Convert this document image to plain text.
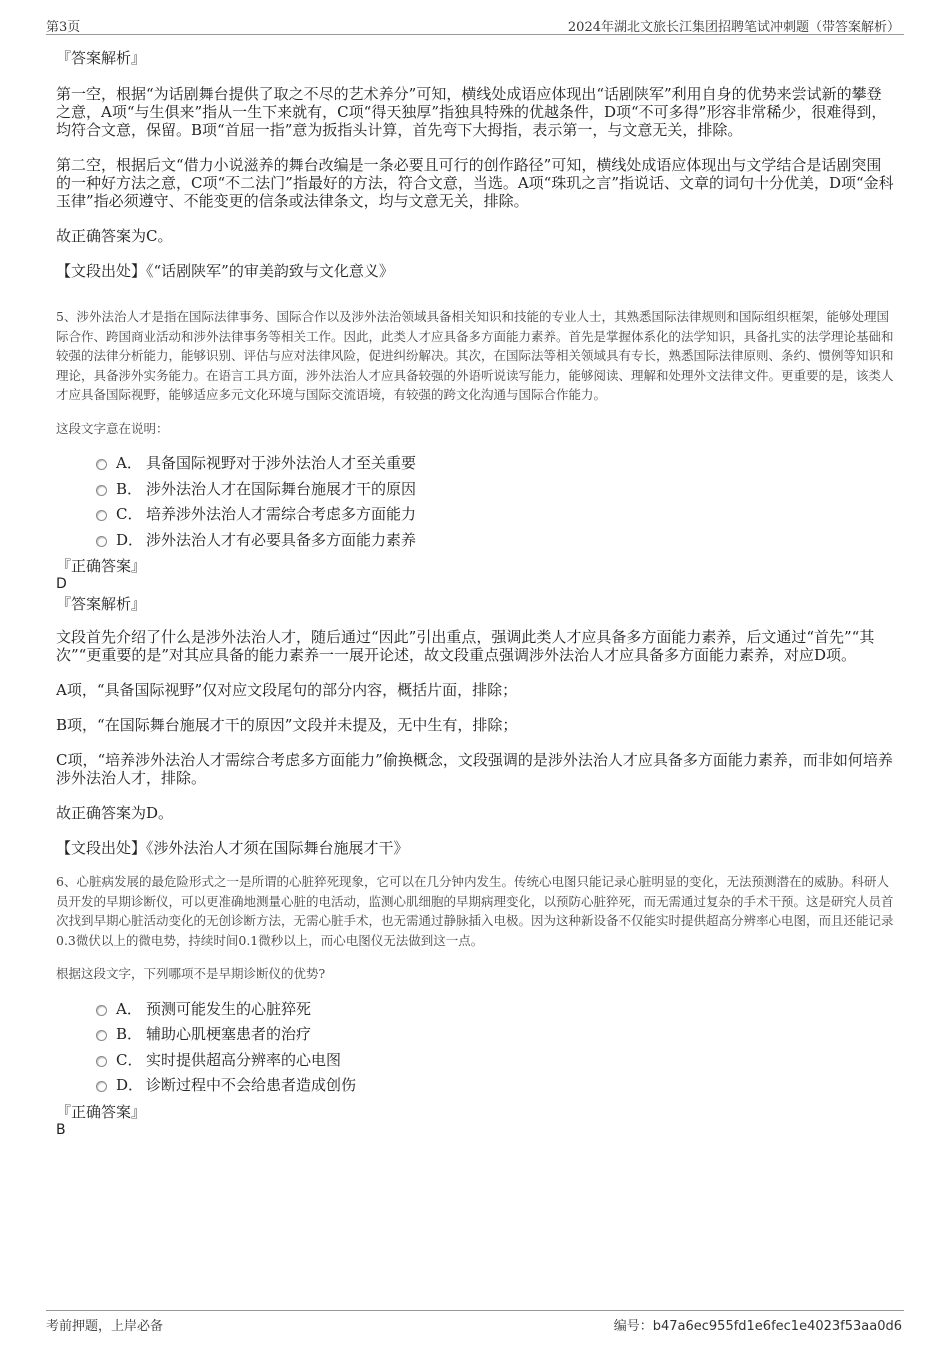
第3页	2024年湖北文旅长江集团招聘笔试冲刺题（带答案解析）

『答案解析』

第一空，根据“为话剧舞台提供了取之不尽的艺术养分”可知，横线处成语应体现出“话剧陕军”利用自身的优势来尝试新的攀登之意，A项“与生俱来”指从一生下来就有，C项“得天独厚”指独具特殊的优越条件，D项“不可多得”形容非常稀少，很难得到，均符合文意，保留。B项“首屈一指”意为扳指头计算，首先弯下大拇指，表示第一，与文意无关，排除。

第二空，根据后文“借力小说滋养的舞台改编是一条必要且可行的创作路径”可知，横线处成语应体现出与文学结合是话剧突围的一种好方法之意，C项“不二法门”指最好的方法，符合文意，当选。A项“珠玑之言”指说话、文章的词句十分优美，D项“金科玉律”指必须遵守、不能变更的信条或法律条文，均与文意无关，排除。

故正确答案为C。

【文段出处】《“话剧陕军”的审美韵致与文化意义》

5、涉外法治人才是指在国际法律事务、国际合作以及涉外法治领域具备相关知识和技能的专业人士，其熟悉国际法律规则和国际组织框架，能够处理国际合作、跨国商业活动和涉外法律事务等相关工作。因此，此类人才应具备多方面能力素养。首先是掌握体系化的法学知识，具备扎实的法学理论基础和较强的法律分析能力，能够识别、评估与应对法律风险，促进纠纷解决。其次，在国际法等相关领域具有专长，熟悉国际法律原则、条约、惯例等知识和理论，具备涉外实务能力。在语言工具方面，涉外法治人才应具备较强的外语听说读写能力，能够阅读、理解和处理外文法律文件。更重要的是，该类人才应具备国际视野，能够适应多元文化环境与国际交流语境，有较强的跨文化沟通与国际合作能力。

这段文字意在说明：

A． 具备国际视野对于涉外法治人才至关重要
B． 涉外法治人才在国际舞台施展才干的原因
C． 培养涉外法治人才需综合考虑多方面能力
D． 涉外法治人才有必要具备多方面能力素养

『正确答案』

D

『答案解析』

文段首先介绍了什么是涉外法治人才，随后通过“因此”引出重点，强调此类人才应具备多方面能力素养，后文通过“首先”“其次”“更重要的是”对其应具备的能力素养一一展开论述，故文段重点强调涉外法治人才应具备多方面能力素养，对应D项。

A项，“具备国际视野”仅对应文段尾句的部分内容，概括片面，排除；

B项，“在国际舞台施展才干的原因”文段并未提及，无中生有，排除；

C项，“培养涉外法治人才需综合考虑多方面能力”偷换概念，文段强调的是涉外法治人才应具备多方面能力素养，而非如何培养涉外法治人才，排除。

故正确答案为D。

【文段出处】《涉外法治人才须在国际舞台施展才干》

6、心脏病发展的最危险形式之一是所谓的心脏猝死现象，它可以在几分钟内发生。传统心电图只能记录心脏明显的变化，无法预测潜在的威胁。科研人员开发的早期诊断仪，可以更准确地测量心脏的电活动，监测心肌细胞的早期病理变化，以预防心脏猝死，而无需通过复杂的手术干预。这是研究人员首次找到早期心脏活动变化的无创诊断方法，无需心脏手术，也无需通过静脉插入电极。因为这种新设备不仅能实时提供超高分辨率心电图，而且还能记录0.3微伏以上的微电势，持续时间0.1微秒以上，而心电图仪无法做到这一点。

根据这段文字，下列哪项不是早期诊断仪的优势?

A． 预测可能发生的心脏猝死
B． 辅助心肌梗塞患者的治疗
C． 实时提供超高分辨率的心电图
D． 诊断过程中不会给患者造成创伤

『正确答案』

B

考前押题，上岸必备	编号：b47a6ec955fd1e6fec1e4023f53aa0d6
